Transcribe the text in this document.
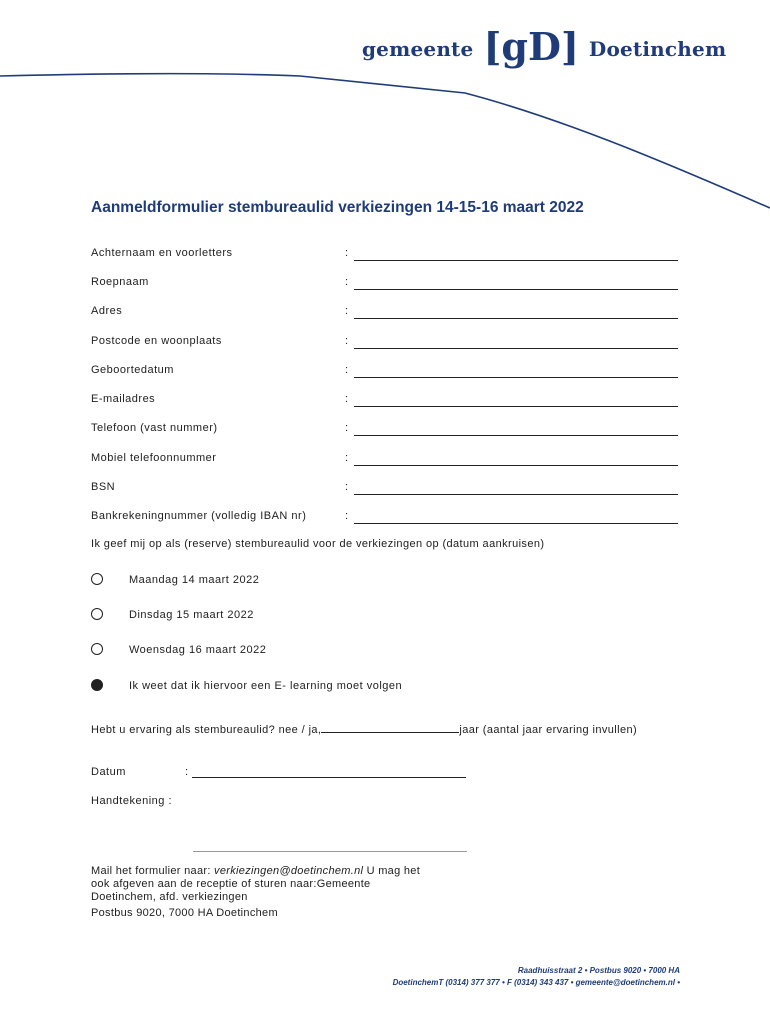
gemeente [gD] Doetinchem
Aanmeldformulier stembureaulid verkiezingen 14-15-16 maart 2022
Achternaam en voorletters	:
Roepnaam	:
Adres	:
Postcode en woonplaats	:
Geboortedatum	:
E-mailadres	:
Telefoon (vast nummer)	:
Mobiel telefoonnummer	:
BSN	:
Bankrekeningnummer (volledig IBAN nr)	:
Ik geef mij op als (reserve) stembureaulid voor de verkiezingen op (datum aankruisen)
Maandag 14 maart 2022
Dinsdag 15 maart 2022
Woensdag 16 maart 2022
Ik weet dat ik hiervoor een E- learning moet volgen
Hebt u ervaring als stembureaulid? nee / ja,	jaar (aantal jaar ervaring invullen)
Datum	:
Handtekening :
Mail het formulier naar: verkiezingen@doetinchem.nl U mag het ook afgeven aan de receptie of sturen naar:Gemeente Doetinchem, afd. verkiezingen
Postbus 9020, 7000 HA Doetinchem
Raadhuisstraat 2 • Postbus 9020 • 7000 HA
DoetinchemT (0314) 377 377 • F (0314) 343 437 • gemeente@doetinchem.nl •
